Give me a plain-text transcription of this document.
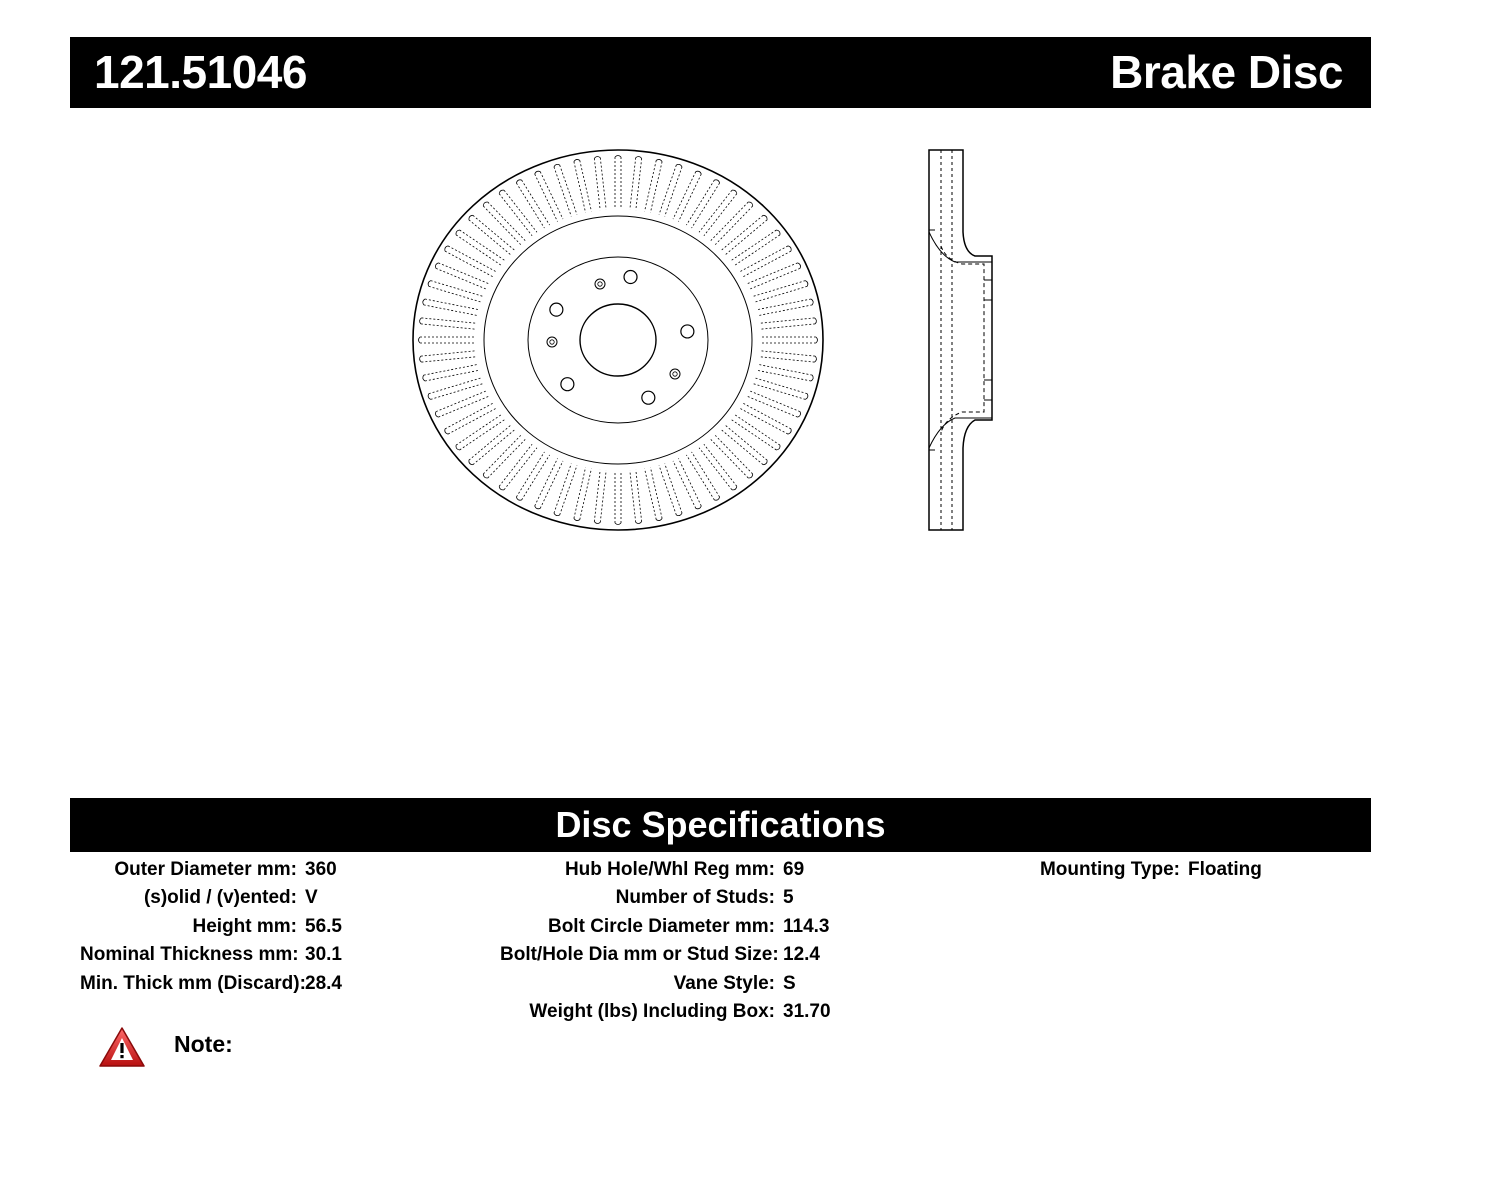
121.51046	Brake Disc
Disc Specifications
Outer Diameter mm: 360
(s)olid / (v)ented: V
Height mm: 56.5
Nominal Thickness mm: 30.1
Min. Thick mm (Discard):28.4
Hub Hole/Whl Reg mm: 69
Number of Studs: 5
Bolt Circle Diameter mm: 114.3
Bolt/Hole Dia mm or Stud Size: 12.4
Vane Style: S
Weight (lbs) Including Box: 31.70
Mounting Type: Floating
Note:
